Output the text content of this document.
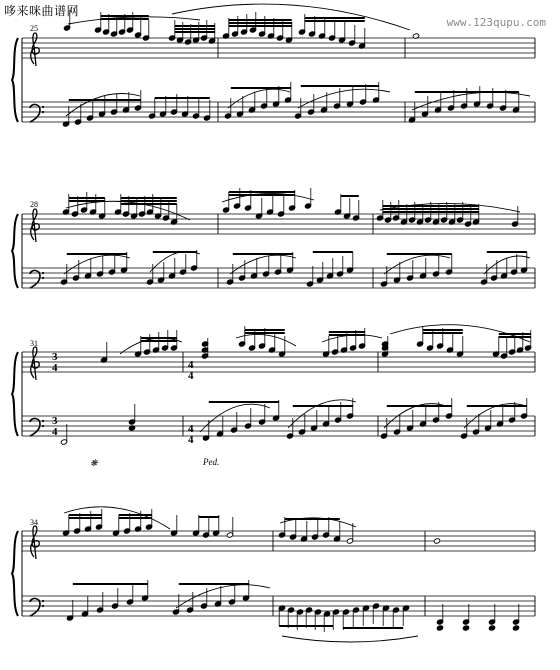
哆来咪曲谱网
www.123qupu.com
25
28
31
34
Ped.
❋
3
4
3
4
4
4
4
4
